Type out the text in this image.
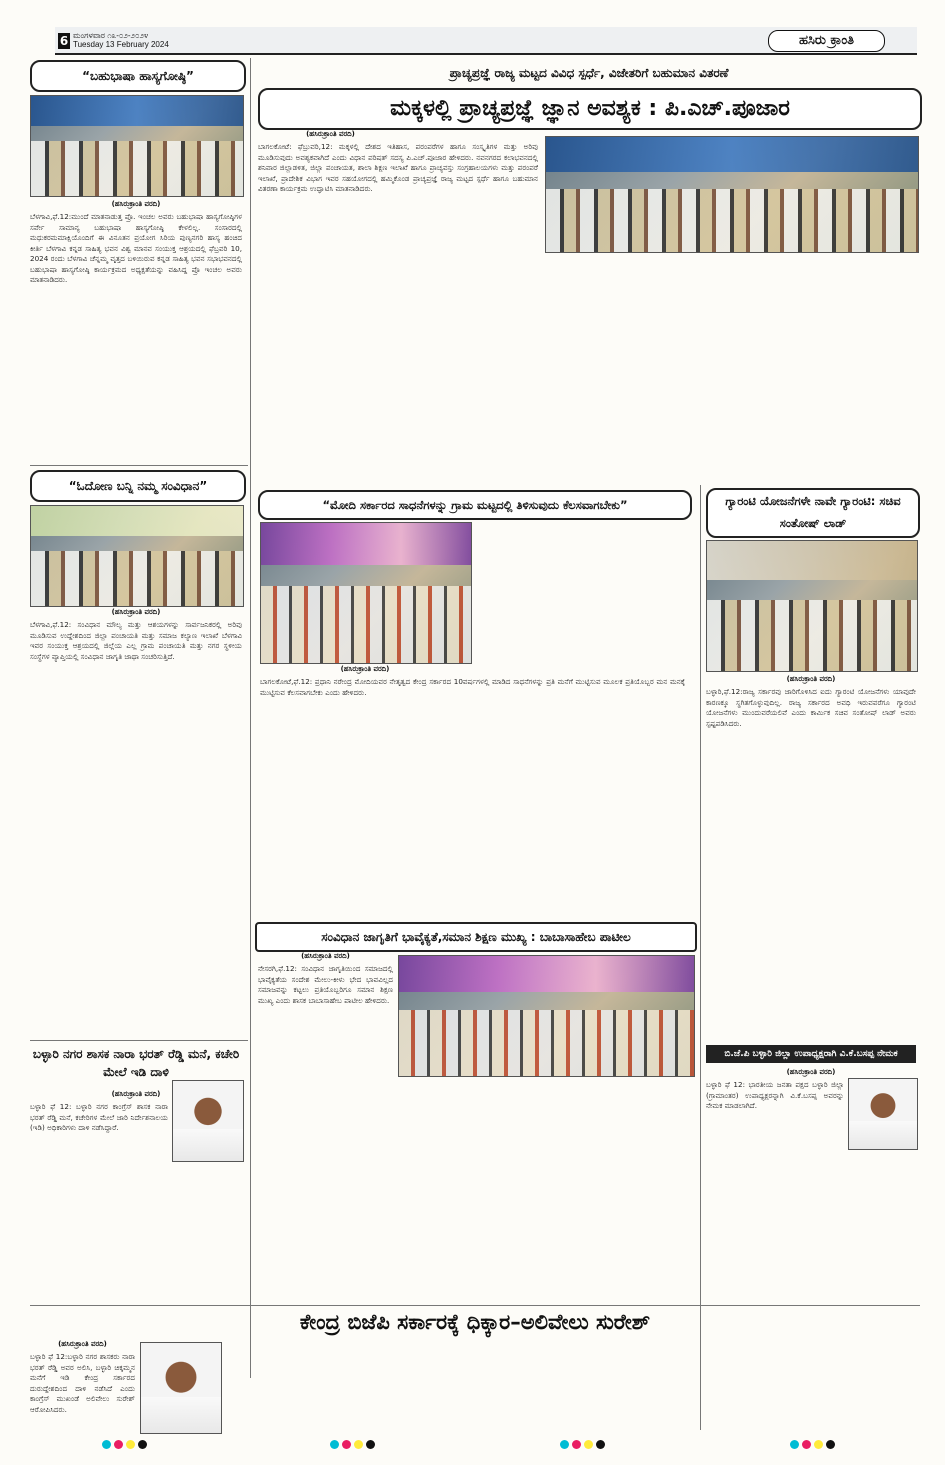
6 ಮಂಗಳವಾರ ೧೩-೦೨-೨೦೨೪
Tuesday 13 February 2024	ಹಸಿರು ಕ್ರಾಂತಿ
“ಬಹುಭಾಷಾ ಹಾಸ್ಯಗೋಷ್ಠಿ”
(ಹಸಿರುಕ್ರಾಂತಿ ವರದಿ)
ಬೆಳಗಾವಿ,ಫೆ.12:ಮುಂದೆ ಮಾತನಾಡುತ್ತ ಪ್ರೊ. ಇಂಚಲ ಅವರು ಬಹುಭಾಷಾ ಹಾಸ್ಯಗೋಷ್ಠಿಗಳ ಸರ್ವೇ ಸಾಮಾನ್ಯ ಬಹುಭಾಷಾ ಹಾಸ್ಯಗೋಷ್ಠಿ ಕೇಳಲಿಲ್ಲ. ಸಂಸಾರದಲ್ಲಿ ಮಧುಕರಮಮಾಕ್ಷಿಯೊಂದಿಗೆ ಈ ವಿನೂತನ ಪ್ರಯೋಗ ಸಿರಿಯ ಪುಣ್ಯನಗರಿ ಹಾಸ್ಯ ಹಂಚಿದ ಕೀರ್ತಿ ಬೆಳಗಾವಿ ಕನ್ನಡ ಸಾಹಿತ್ಯ ಭವನ ವಿಶ್ವ ಮಾನವ ಸಂಯುಕ್ತ ಆಶ್ರಯದಲ್ಲಿ ಫೆಬ್ರವರಿ 10, 2024 ರಂದು ಬೆಳಗಾವಿ ಚೆನ್ನಮ್ಮ ವೃತ್ತದ ಬಳಿಯಿರುವ ಕನ್ನಡ ಸಾಹಿತ್ಯ ಭವನ ಸಭಾಭವನದಲ್ಲಿ ಬಹುಭಾಷಾ ಹಾಸ್ಯಗೋಷ್ಠಿ ಕಾರ್ಯಕ್ರಮದ ಅಧ್ಯಕ್ಷತೆಯನ್ನು ವಹಿಸಿದ್ದ ಪ್ರೊ ಇಂಚಲ ಅವರು ಮಾತನಾಡಿದರು.
“ಓದೋಣ ಬನ್ನಿ ನಮ್ಮ ಸಂವಿಧಾನ”
(ಹಸಿರುಕ್ರಾಂತಿ ವರದಿ)
ಬೆಳಗಾವಿ,ಫೆ.12: ಸಂವಿಧಾನ ಮೌಲ್ಯ ಮತ್ತು ಆಶಯಗಳನ್ನು ಸಾರ್ವಜನಿಕರಲ್ಲಿ ಅರಿವು ಮೂಡಿಸುವ ಉದ್ದೇಶದಿಂದ ಜಿಲ್ಲಾ ಪಂಚಾಯತಿ ಮತ್ತು ಸಮಾಜ ಕಲ್ಯಾಣ ಇಲಾಖೆ ಬೆಳಗಾವಿ ಇವರ ಸಂಯುಕ್ತ ಆಶ್ರಯದಲ್ಲಿ ಜಿಲ್ಲೆಯ ಎಲ್ಲ ಗ್ರಾಮ ಪಂಚಾಯತಿ ಮತ್ತು ನಗರ ಸ್ಥಳೀಯ ಸಂಸ್ಥೆಗಳ ವ್ಯಾಪ್ತಿಯಲ್ಲಿ ಸಂವಿಧಾನ ಜಾಗೃತಿ ಜಾಥಾ ಸಂಚರಿಸುತ್ತಿದೆ.
ಬಳ್ಳಾರಿ ನಗರ ಶಾಸಕ ನಾರಾ ಭರತ್ ರೆಡ್ಡಿ ಮನೆ, ಕಚೇರಿ ಮೇಲೆ ಇಡಿ ದಾಳಿ
(ಹಸಿರುಕ್ರಾಂತಿ ವರದಿ)
ಬಳ್ಳಾರಿ ಫೆ 12: ಬಳ್ಳಾರಿ ನಗರ ಕಾಂಗ್ರೆಸ್ ಶಾಸಕ ನಾರಾ ಭರತ್ ರೆಡ್ಡಿ ಮನೆ, ಕಚೇರಿಗಳ ಮೇಲೆ ಜಾರಿ ನಿರ್ದೇಶನಾಲಯ (ಇಡಿ) ಅಧಿಕಾರಿಗಳು ದಾಳಿ ನಡೆಸಿದ್ದಾರೆ.
ಪ್ರಾಚ್ಯಪ್ರಜ್ಞೆ ರಾಜ್ಯ ಮಟ್ಟದ ವಿವಿಧ ಸ್ಪರ್ಧೆ, ವಿಜೇತರಿಗೆ ಬಹುಮಾನ ವಿತರಣೆ
ಮಕ್ಕಳಲ್ಲಿ ಪ್ರಾಚ್ಯಪ್ರಜ್ಞೆ ಜ್ಞಾನ ಅವಶ್ಯಕ : ಪಿ.ಎಚ್.ಪೂಜಾರ
(ಹಸಿರುಕ್ರಾಂತಿ ವರದಿ)
ಬಾಗಲಕೋಟೆ: ಫೆಬ್ರುವರಿ,12: ಮಕ್ಕಳಲ್ಲಿ ದೇಶದ ಇತಿಹಾಸ, ಪರಂಪರೆಗಳ ಹಾಗೂ ಸಂಸ್ಕೃತಿಗಳ ಮತ್ತು ಅರಿವು ಮೂಡಿಸುವುದು ಅವಶ್ಯಕವಾಗಿದೆ ಎಂದು ವಿಧಾನ ಪರಿಷತ್ ಸದಸ್ಯ ಪಿ.ಎಚ್.ಪೂಜಾರ ಹೇಳಿದರು. ನವನಗರದ ಕಲಾಭವನದಲ್ಲಿ ಶನಿವಾರ ಜಿಲ್ಲಾಡಳಿತ, ಜಿಲ್ಲಾ ಪಂಚಾಯತ, ಶಾಲಾ ಶಿಕ್ಷಣ ಇಲಾಖೆ ಹಾಗೂ ಪ್ರಾಚ್ಯವಸ್ತು ಸಂಗ್ರಹಾಲಯಗಳು ಮತ್ತು ಪರಂಪರೆ ಇಲಾಖೆ, ಪ್ರಾದೇಶಿಕ ವಿಭಾಗ ಇವರ ಸಹಯೋಗದಲ್ಲಿ ಹಮ್ಮಿಕೊಂಡ ಪ್ರಾಚ್ಯಪ್ರಜ್ಞೆ ರಾಜ್ಯ ಮಟ್ಟದ ಸ್ಪರ್ಧೆ ಹಾಗೂ ಬಹುಮಾನ ವಿತರಣಾ ಕಾರ್ಯಕ್ರಮ ಉದ್ಘಾಟಿಸಿ ಮಾತನಾಡಿದರು.
“ಮೋದಿ ಸರ್ಕಾರದ ಸಾಧನೆಗಳನ್ನು ಗ್ರಾಮ ಮಟ್ಟದಲ್ಲಿ ತಿಳಿಸುವುದು ಕೆಲಸವಾಗಬೇಕು”
(ಹಸಿರುಕ್ರಾಂತಿ ವರದಿ)
ಬಾಗಲಕೋಟೆ,ಫೆ.12: ಪ್ರಧಾನಿ ನರೇಂದ್ರ ಮೋದಿಯವರ ನೇತೃತ್ವದ ಕೇಂದ್ರ ಸರ್ಕಾರದ 10ವರ್ಷಗಳಲ್ಲಿ ಮಾಡಿದ ಸಾಧನೆಗಳನ್ನು ಪ್ರತಿ ಮನೆಗೆ ಮುಟ್ಟಿಸುವ ಮೂಲಕ ಪ್ರತಿಯೊಬ್ಬರ ಮನ ಮನಕ್ಕೆ ಮುಟ್ಟಿಸುವ ಕೆಲಸವಾಗಬೇಕು ಎಂದು ಹೇಳಿದರು.
ಗ್ಯಾರಂಟಿ ಯೋಜನೆಗಳೇ ನಾವೇ ಗ್ಯಾರಂಟಿ: ಸಚಿವ ಸಂತೋಷ್ ಲಾಡ್
(ಹಸಿರುಕ್ರಾಂತಿ ವರದಿ)
ಬಳ್ಳಾರಿ,ಫೆ.12:ರಾಜ್ಯ ಸರ್ಕಾರವು ಜಾರಿಗೊಳಿಸಿದ ಐದು ಗ್ಯಾರಂಟಿ ಯೋಜನೆಗಳು ಯಾವುದೇ ಕಾರಣಕ್ಕೂ ಸ್ಥಗಿತಗೊಳ್ಳುವುದಿಲ್ಲ. ರಾಜ್ಯ ಸರ್ಕಾರದ ಅವಧಿ ಇರುವವರೆಗೂ ಗ್ಯಾರಂಟಿ ಯೋಜನೆಗಳು ಮುಂದುವರೆಯಲಿವೆ ಎಂದು ಕಾರ್ಮಿಕ ಸಚಿವ ಸಂತೋಷ್ ಲಾಡ್ ಅವರು ಸ್ಪಷ್ಟಪಡಿಸಿದರು.
ಸಂವಿಧಾನ ಜಾಗೃತಿಗೆ ಭಾವೈಕ್ಯತೆ,ಸಮಾನ ಶಿಕ್ಷಣ ಮುಖ್ಯ : ಬಾಬಾಸಾಹೇಬ ಪಾಟೀಲ
(ಹಸಿರುಕ್ರಾಂತಿ ವರದಿ)
ನೇಸರಗಿ,ಫೆ.12: ಸಂವಿಧಾನ ಜಾಗೃತಿಯಿಂದ ಸಮಾಜದಲ್ಲಿ ಭಾವೈಕ್ಯತೆಯ ಸಂದೇಶ ಮೇಲು-ಕೀಳು ಭೇದ ಭಾವವಿಲ್ಲದ ಸಮಾಜವನ್ನು ಕಟ್ಟಲು ಪ್ರತಿಯೊಬ್ಬರಿಗೂ ಸಮಾನ ಶಿಕ್ಷಣ ಮುಖ್ಯ ಎಂದು ಶಾಸಕ ಬಾಬಾಸಾಹೇಬ ಪಾಟೀಲ ಹೇಳಿದರು.
ಬಿ.ಜೆ.ಪಿ ಬಳ್ಳಾರಿ ಜಿಲ್ಲಾ ಉಪಾಧ್ಯಕ್ಷರಾಗಿ ವಿ.ಕೆ.ಬಸಪ್ಪ ನೇಮಕ
(ಹಸಿರುಕ್ರಾಂತಿ ವರದಿ)
ಬಳ್ಳಾರಿ ಫೆ 12: ಭಾರತೀಯ ಜನತಾ ಪಕ್ಷದ ಬಳ್ಳಾರಿ ಜಿಲ್ಲಾ (ಗ್ರಾಮಾಂತರ) ಉಪಾಧ್ಯಕ್ಷರನ್ನಾಗಿ ವಿ.ಕೆ.ಬಸಪ್ಪ ಅವರನ್ನು ನೇಮಕ ಮಾಡಲಾಗಿದೆ.
ಕೇಂದ್ರ ಬಿಜೆಪಿ ಸರ್ಕಾರಕ್ಕೆ ಧಿಕ್ಕಾರ–ಅಲಿವೇಲು ಸುರೇಶ್
(ಹಸಿರುಕ್ರಾಂತಿ ವರದಿ)
ಬಳ್ಳಾರಿ ಫೆ 12:ಬಳ್ಳಾರಿ ನಗರ ಶಾಸಕರು ನಾರಾ ಭರತ್ ರೆಡ್ಡಿ ಅವರ ಅಲಿಸಿ, ಬಳ್ಳಾರಿ ಚಿಕ್ಕಮ್ಮನ ಮನೆಗೆ ಇಡಿ ಕೇಂದ್ರ ಸರ್ಕಾರದ ದುರುದ್ದೇಶದಿಂದ ದಾಳಿ ನಡೆಸಿದೆ ಎಂದು ಕಾಂಗ್ರೆಸ್ ಮುಖಂಡೆ ಅಲಿವೇಲು ಸುರೇಶ್ ಆರೋಪಿಸಿದರು.
